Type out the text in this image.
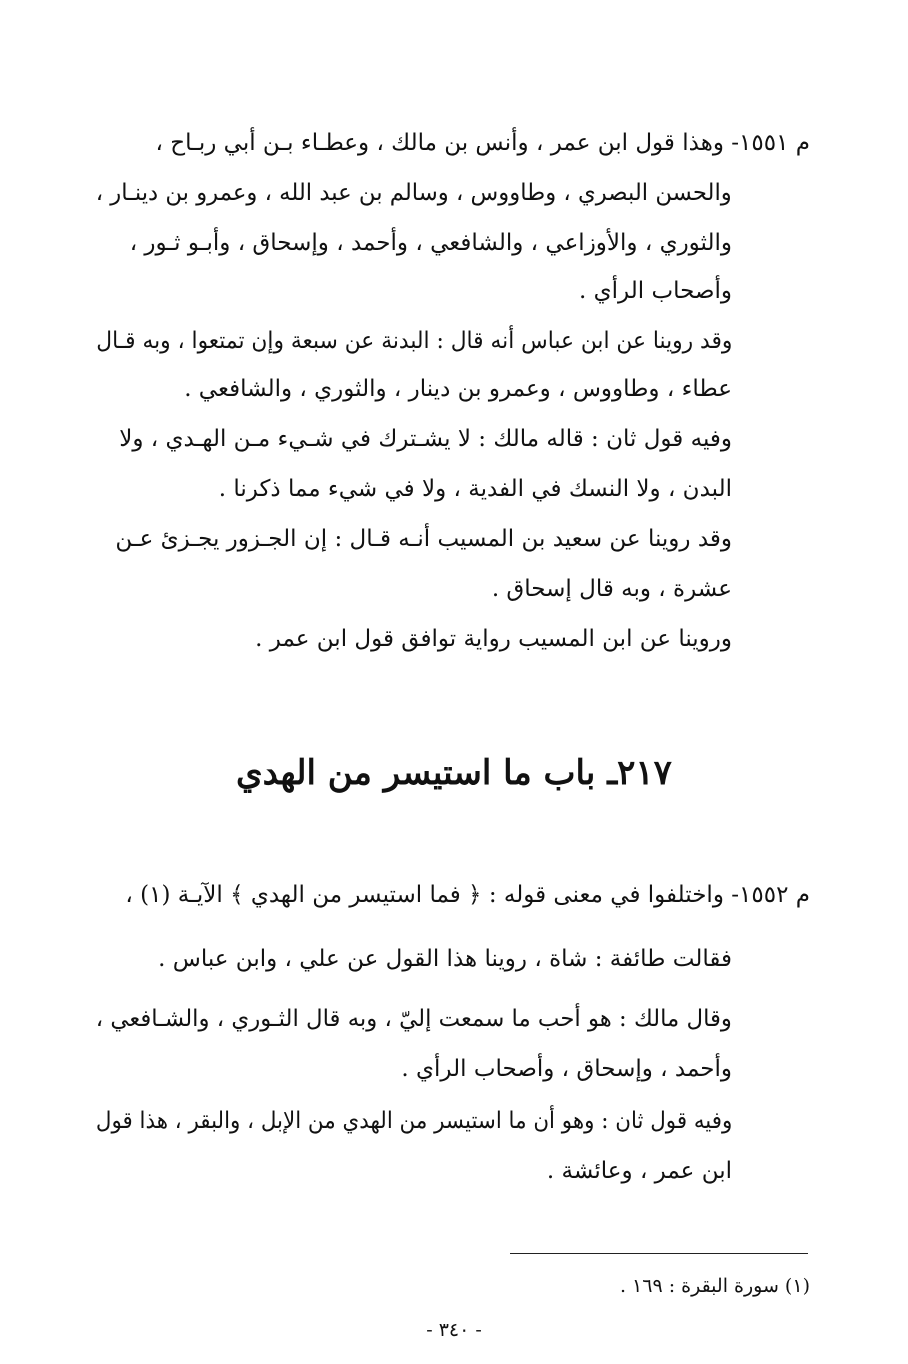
م ١٥٥١- وهذا قول ابن عمر ، وأنس بن مالك ، وعطـاء بـن أبي ربـاح ،
والحسن البصري ، وطاووس ، وسالم بن عبد الله ، وعمرو بن دينـار ،
والثوري ، والأوزاعي ، والشافعي ، وأحمد ، وإسحاق ، وأبـو ثـور ،
وأصحاب الرأي .
وقد روينا عن ابن عباس أنه قال : البدنة عن سبعة وإن تمتعوا ، وبه قـال
عطاء ، وطاووس ، وعمرو بن دينار ، والثوري ، والشافعي .
وفيه قول ثان : قاله مالك : لا يشـترك في شـيء مـن الهـدي ، ولا
البدن ، ولا النسك في الفدية ، ولا في شيء مما ذكرنا .
وقد روينا عن سعيد بن المسيب أنـه قـال : إن الجـزور يجـزئ عـن
عشرة ، وبه قال إسحاق .
وروينا عن ابن المسيب رواية توافق قول ابن عمر .
٢١٧ـ باب ما استيسر من الهدي
م ١٥٥٢- واختلفوا في معنى قوله : ﴿ فما استيسر من الهدي ﴾ الآيـة (١) ،
فقالت طائفة : شاة ، روينا هذا القول عن علي ، وابن عباس .
وقال مالك : هو أحب ما سمعت إليّ ، وبه قال الثـوري ، والشـافعي ،
وأحمد ، وإسحاق ، وأصحاب الرأي .
وفيه قول ثان : وهو أن ما استيسر من الهدي من الإبل ، والبقر ، هذا قول
ابن عمر ، وعائشة .
(١) سورة البقرة : ١٦٩ .
- ٣٤٠ -
